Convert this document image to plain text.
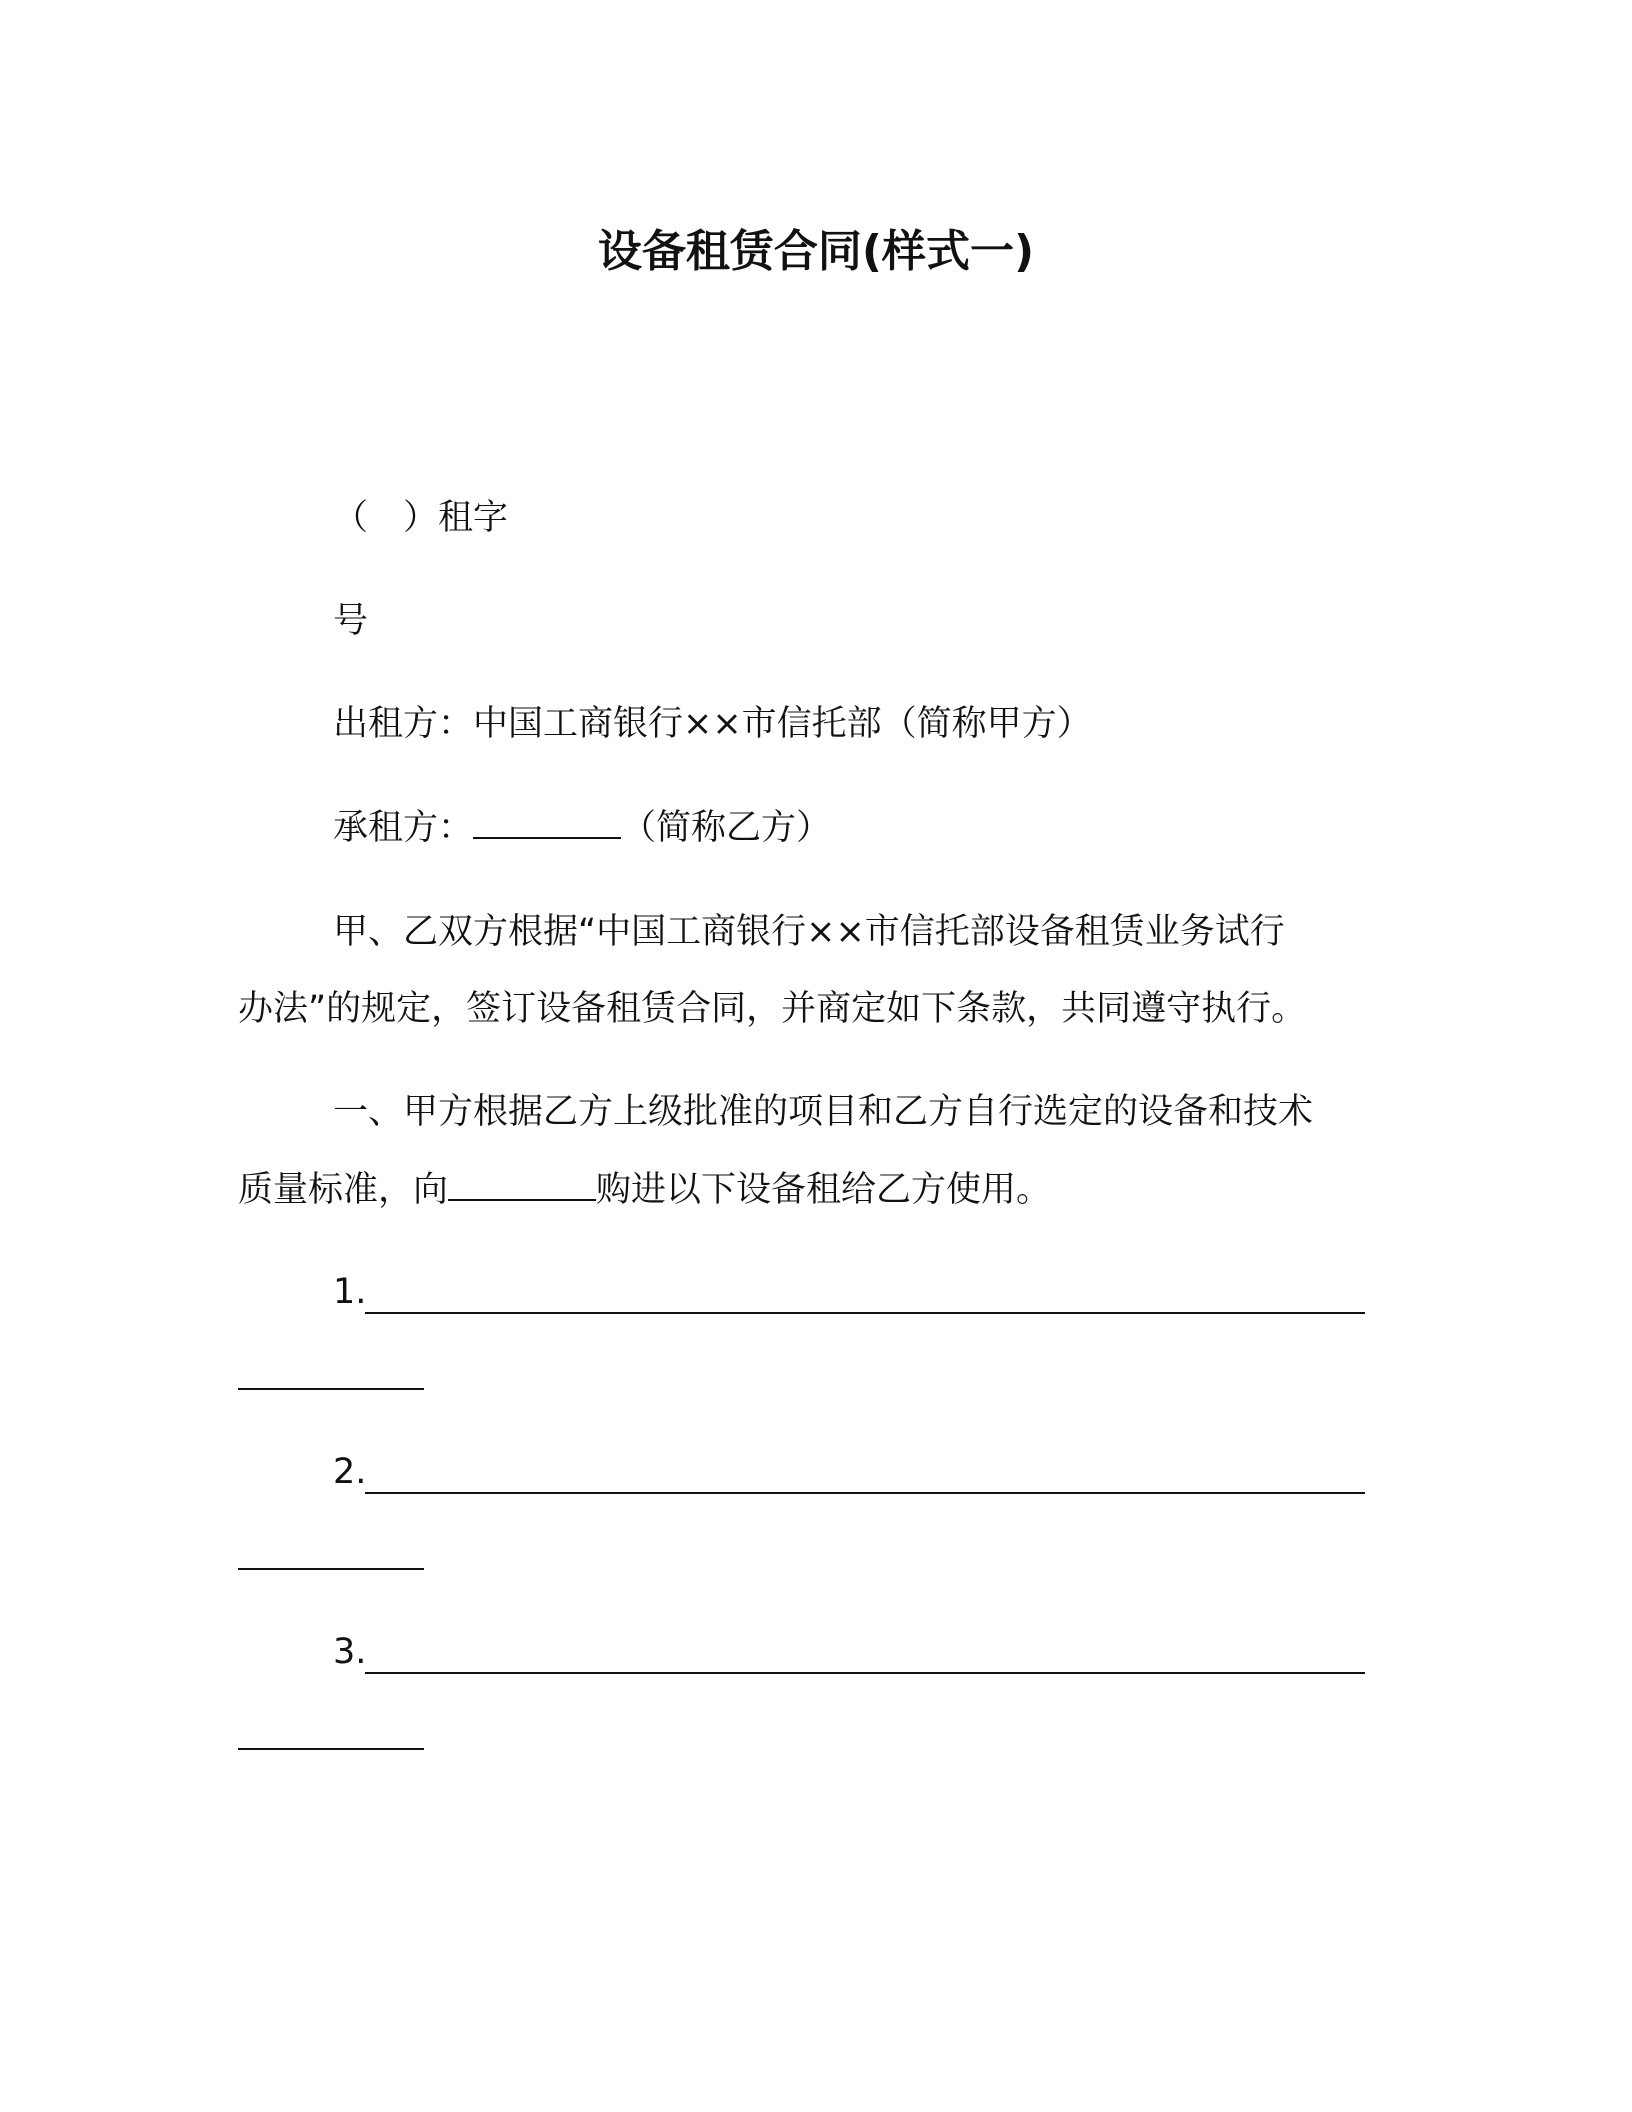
设备租赁合同(样式一)

（　）租字

号

出租方：中国工商银行××市信托部（简称甲方）

承租方：	（简称乙方）

甲、乙双方根据“中国工商银行××市信托部设备租赁业务试行

办法”的规定，签订设备租赁合同，并商定如下条款，共同遵守执行。

一、甲方根据乙方上级批准的项目和乙方自行选定的设备和技术

质量标准，向	购进以下设备租给乙方使用。

1.

2.

3.
